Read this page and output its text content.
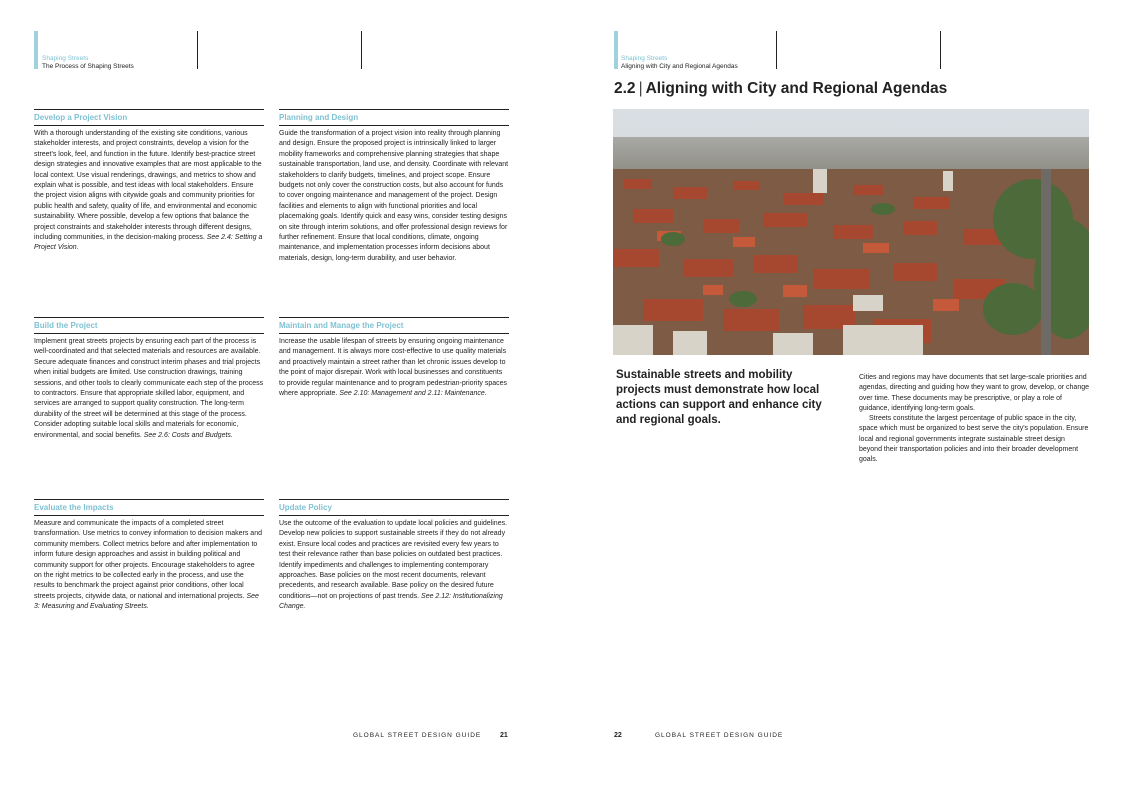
Shaping Streets
The Process of Shaping Streets
Develop a Project Vision
With a thorough understanding of the existing site conditions, various stakeholder interests, and project constraints, develop a vision for the street's look, feel, and function in the future. Identify best-practice street design strategies and innovative examples that are most applicable to the local context. Use visual renderings, drawings, and metrics to show and explain what is possible, and test ideas with local stakeholders. Ensure the project vision aligns with citywide goals and community priorities for public health and safety, quality of life, and environmental and economic sustainability. Where possible, develop a few options that balance the project constraints and stakeholder interests through different designs, including communities, in the decision-making process. See 2.4: Setting a Project Vision.
Planning and Design
Guide the transformation of a project vision into reality through planning and design. Ensure the proposed project is intrinsically linked to larger mobility frameworks and comprehensive planning strategies that shape sustainable transportation, land use, and density. Coordinate with relevant stakeholders to clarify budgets, timelines, and project scope. Ensure budgets not only cover the construction costs, but also account for funds to cover ongoing maintenance and management of the project. Design facilities and elements to align with functional priorities and local placemaking goals. Identify quick and easy wins, consider testing designs on site through interim solutions, and offer professional design reviews for further refinement. Ensure that local conditions, climate, ongoing maintenance, and implementation processes inform decisions about materials, design, long-term durability, and user behavior.
Build the Project
Implement great streets projects by ensuring each part of the process is well-coordinated and that selected materials and resources are available. Secure adequate finances and construct interim phases and trial projects when initial budgets are limited. Use construction drawings, training sessions, and other tools to clearly communicate each step of the process to contractors. Ensure that appropriate skilled labor, equipment, and services are arranged to support quality construction. The long-term durability of the street will be determined at this stage of the process. Consider adopting suitable local skills and materials for economic, environmental, and social benefits. See 2.6: Costs and Budgets.
Maintain and Manage the Project
Increase the usable lifespan of streets by ensuring ongoing maintenance and management. It is always more cost-effective to use quality materials and proactively maintain a street rather than let chronic issues develop to the point of major disrepair. Work with local businesses and constituents to provide regular maintenance and to program pedestrian-priority spaces where appropriate. See 2.10: Management and 2.11: Maintenance.
Evaluate the Impacts
Measure and communicate the impacts of a completed street transformation. Use metrics to convey information to decision makers and community members. Collect metrics before and after implementation to inform future design approaches and assist in building political and community support for other projects. Encourage stakeholders to agree on the right metrics to be collected early in the process, and use the results to benchmark the project against prior conditions, other local streets projects, citywide data, or national and international projects. See 3: Measuring and Evaluating Streets.
Update Policy
Use the outcome of the evaluation to update local policies and guidelines. Develop new policies to support sustainable streets if they do not already exist. Ensure local codes and practices are revisited every few years to test their relevance rather than base policies on outdated best practices. Identify impediments and challenges to implementing contemporary approaches. Base policies on the most recent documents, relevant precedents, and research available. Base policy on the desired future conditions—not on projections of past trends. See 2.12: Institutionalizing Change.
GLOBAL STREET DESIGN GUIDE	21
Shaping Streets
Aligning with City and Regional Agendas
2.2 | Aligning with City and Regional Agendas
Sustainable streets and mobility projects must demonstrate how local actions can support and enhance city and regional goals.

Cities and regions may have documents that set large-scale priorities and agendas, directing and guiding how they want to grow, develop, or change over time. These documents may be prescriptive, or play a role of guidance, identifying long-term goals.

Streets constitute the largest percentage of public space in the city, space which must be organized to best serve the city's population. Ensure local and regional governments integrate sustainable street design beyond their transportation policies and into their broader development goals.

22	GLOBAL STREET DESIGN GUIDE
